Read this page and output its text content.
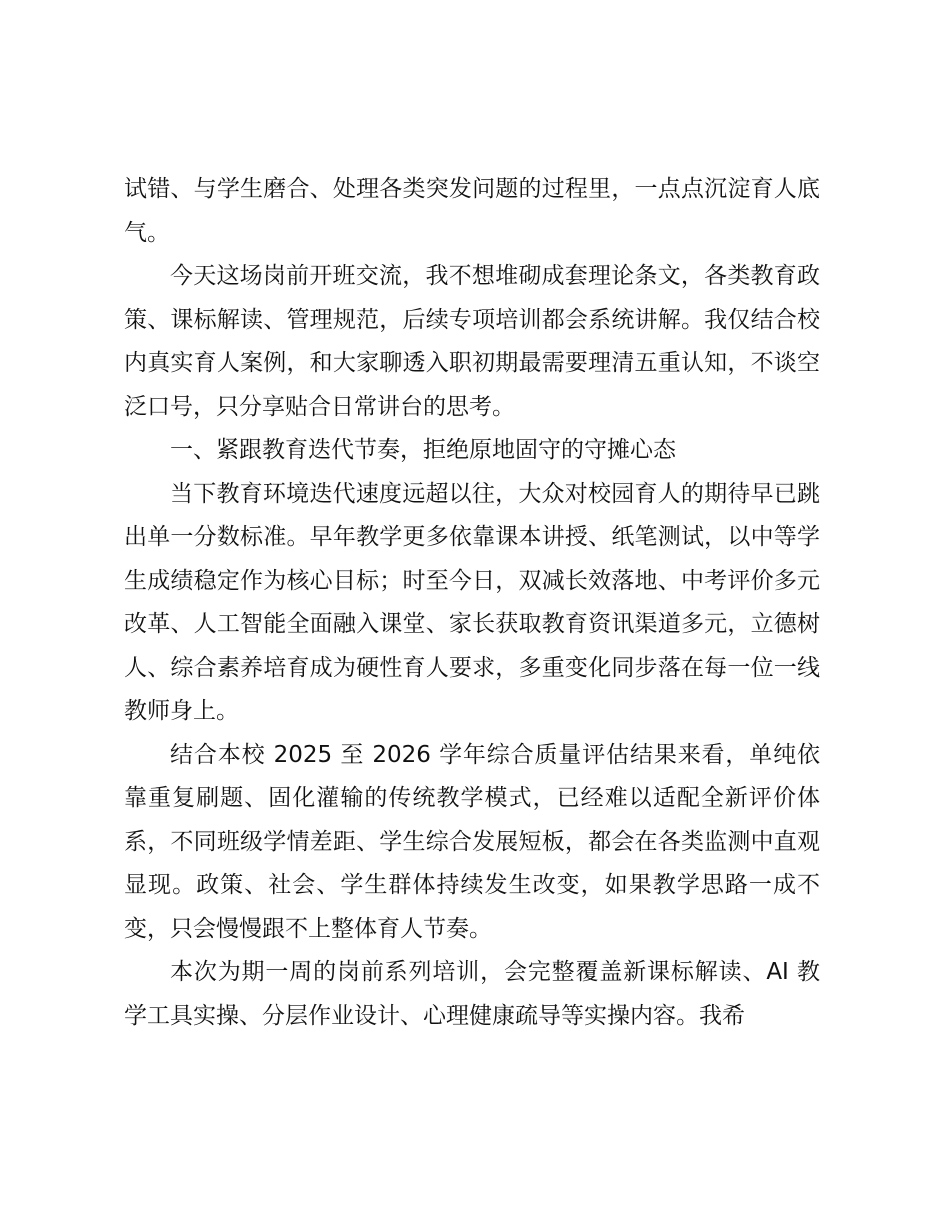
试错、与学生磨合、处理各类突发问题的过程里，一点点沉淀育人底气。

今天这场岗前开班交流，我不想堆砌成套理论条文，各类教育政策、课标解读、管理规范，后续专项培训都会系统讲解。我仅结合校内真实育人案例，和大家聊透入职初期最需要理清五重认知，不谈空泛口号，只分享贴合日常讲台的思考。

一、紧跟教育迭代节奏，拒绝原地固守的守摊心态

当下教育环境迭代速度远超以往，大众对校园育人的期待早已跳出单一分数标准。早年教学更多依靠课本讲授、纸笔测试，以中等学生成绩稳定作为核心目标；时至今日，双减长效落地、中考评价多元改革、人工智能全面融入课堂、家长获取教育资讯渠道多元，立德树人、综合素养培育成为硬性育人要求，多重变化同步落在每一位一线教师身上。

结合本校 2025 至 2026 学年综合质量评估结果来看，单纯依靠重复刷题、固化灌输的传统教学模式，已经难以适配全新评价体系，不同班级学情差距、学生综合发展短板，都会在各类监测中直观显现。政策、社会、学生群体持续发生改变，如果教学思路一成不变，只会慢慢跟不上整体育人节奏。

本次为期一周的岗前系列培训，会完整覆盖新课标解读、AI 教学工具实操、分层作业设计、心理健康疏导等实操内容。我希
